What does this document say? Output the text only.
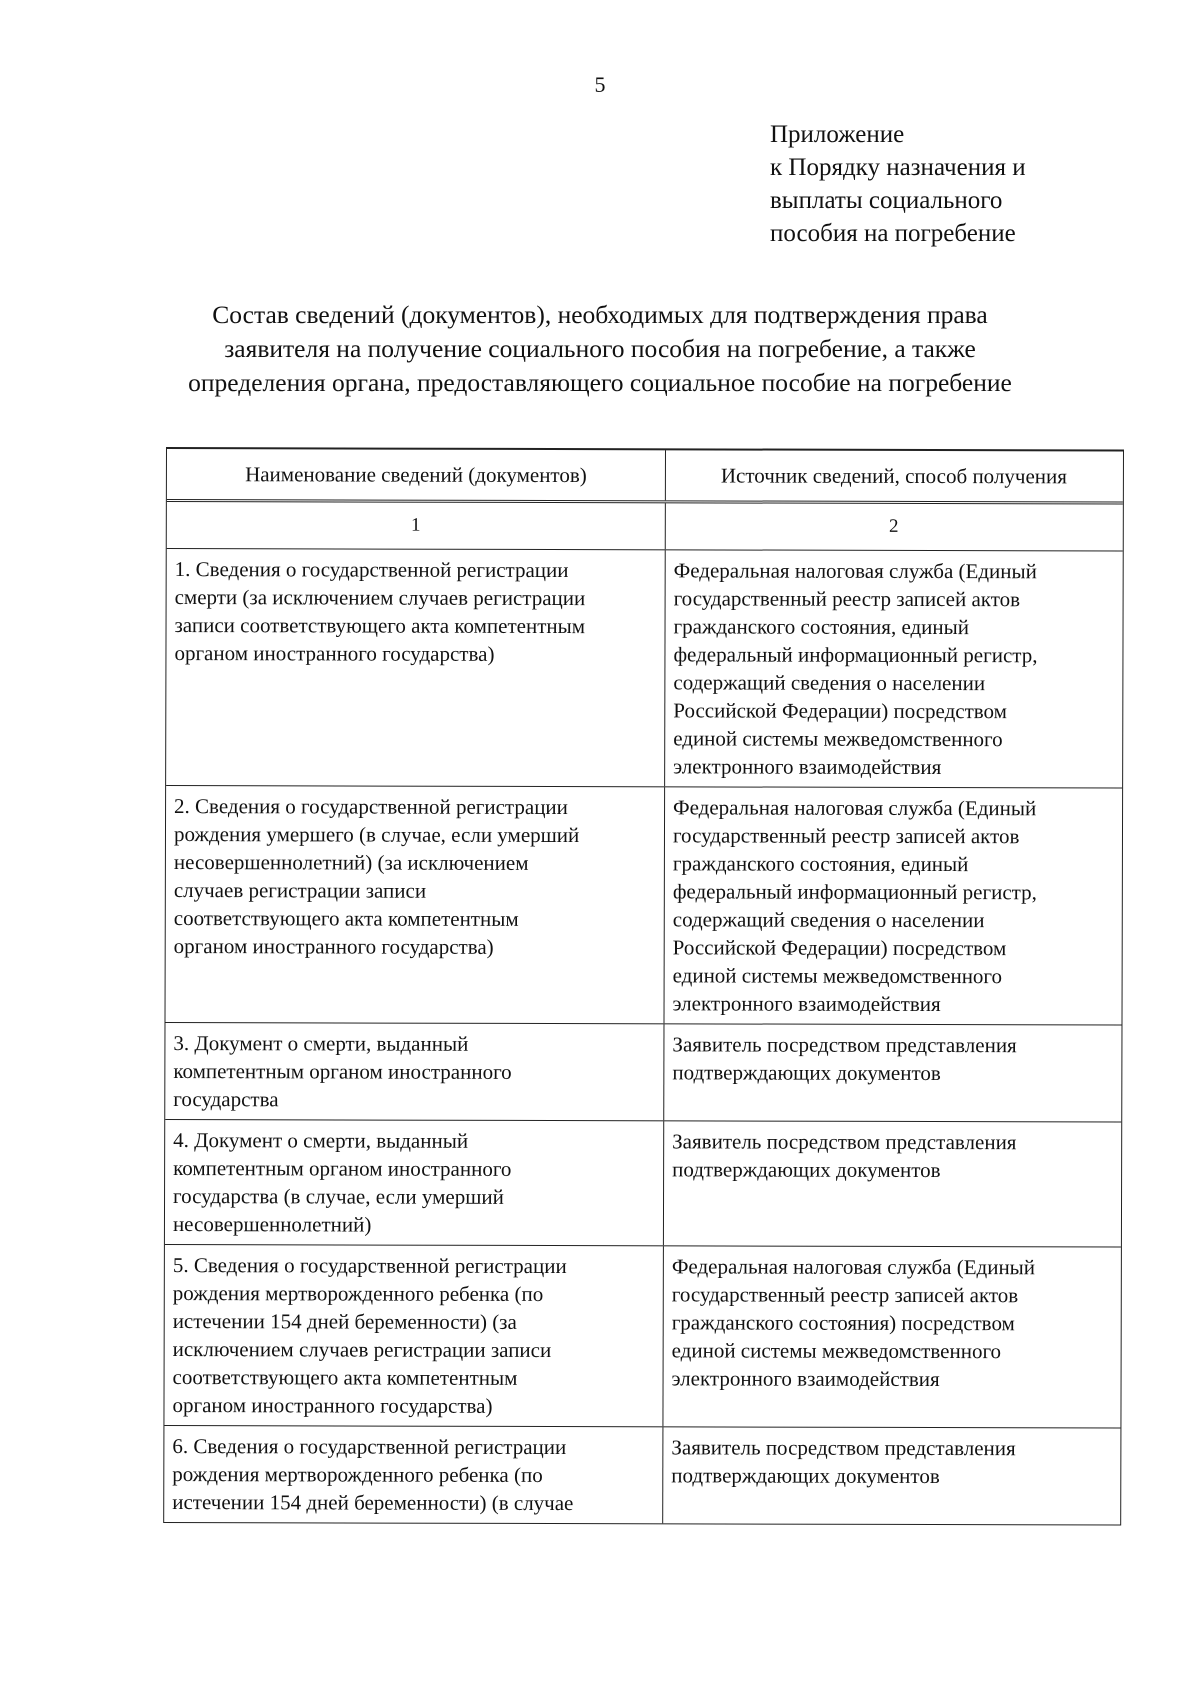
5
Приложение
к Порядку назначения и
выплаты социального
пособия на погребение
Состав сведений (документов), необходимых для подтверждения права
заявителя на получение социального пособия на погребение, а также
определения органа, предоставляющего социальное пособие на погребение
Наименование сведений (документов)	Источник сведений, способ получения
1	2
1. Сведения о государственной регистрации
смерти (за исключением случаев регистрации
записи соответствующего акта компетентным
органом иностранного государства)
Федеральная налоговая служба (Единый
государственный реестр записей актов
гражданского состояния, единый
федеральный информационный регистр,
содержащий сведения о населении
Российской Федерации) посредством
единой системы межведомственного
электронного взаимодействия
2. Сведения о государственной регистрации
рождения умершего (в случае, если умерший
несовершеннолетний) (за исключением
случаев регистрации записи
соответствующего акта компетентным
органом иностранного государства)
Федеральная налоговая служба (Единый
государственный реестр записей актов
гражданского состояния, единый
федеральный информационный регистр,
содержащий сведения о населении
Российской Федерации) посредством
единой системы межведомственного
электронного взаимодействия
3. Документ о смерти, выданный
компетентным органом иностранного
государства
Заявитель посредством представления
подтверждающих документов
4. Документ о смерти, выданный
компетентным органом иностранного
государства (в случае, если умерший
несовершеннолетний)
Заявитель посредством представления
подтверждающих документов
5. Сведения о государственной регистрации
рождения мертворожденного ребенка (по
истечении 154 дней беременности) (за
исключением случаев регистрации записи
соответствующего акта компетентным
органом иностранного государства)
Федеральная налоговая служба (Единый
государственный реестр записей актов
гражданского состояния) посредством
единой системы межведомственного
электронного взаимодействия
6. Сведения о государственной регистрации
рождения мертворожденного ребенка (по
истечении 154 дней беременности) (в случае
Заявитель посредством представления
подтверждающих документов
